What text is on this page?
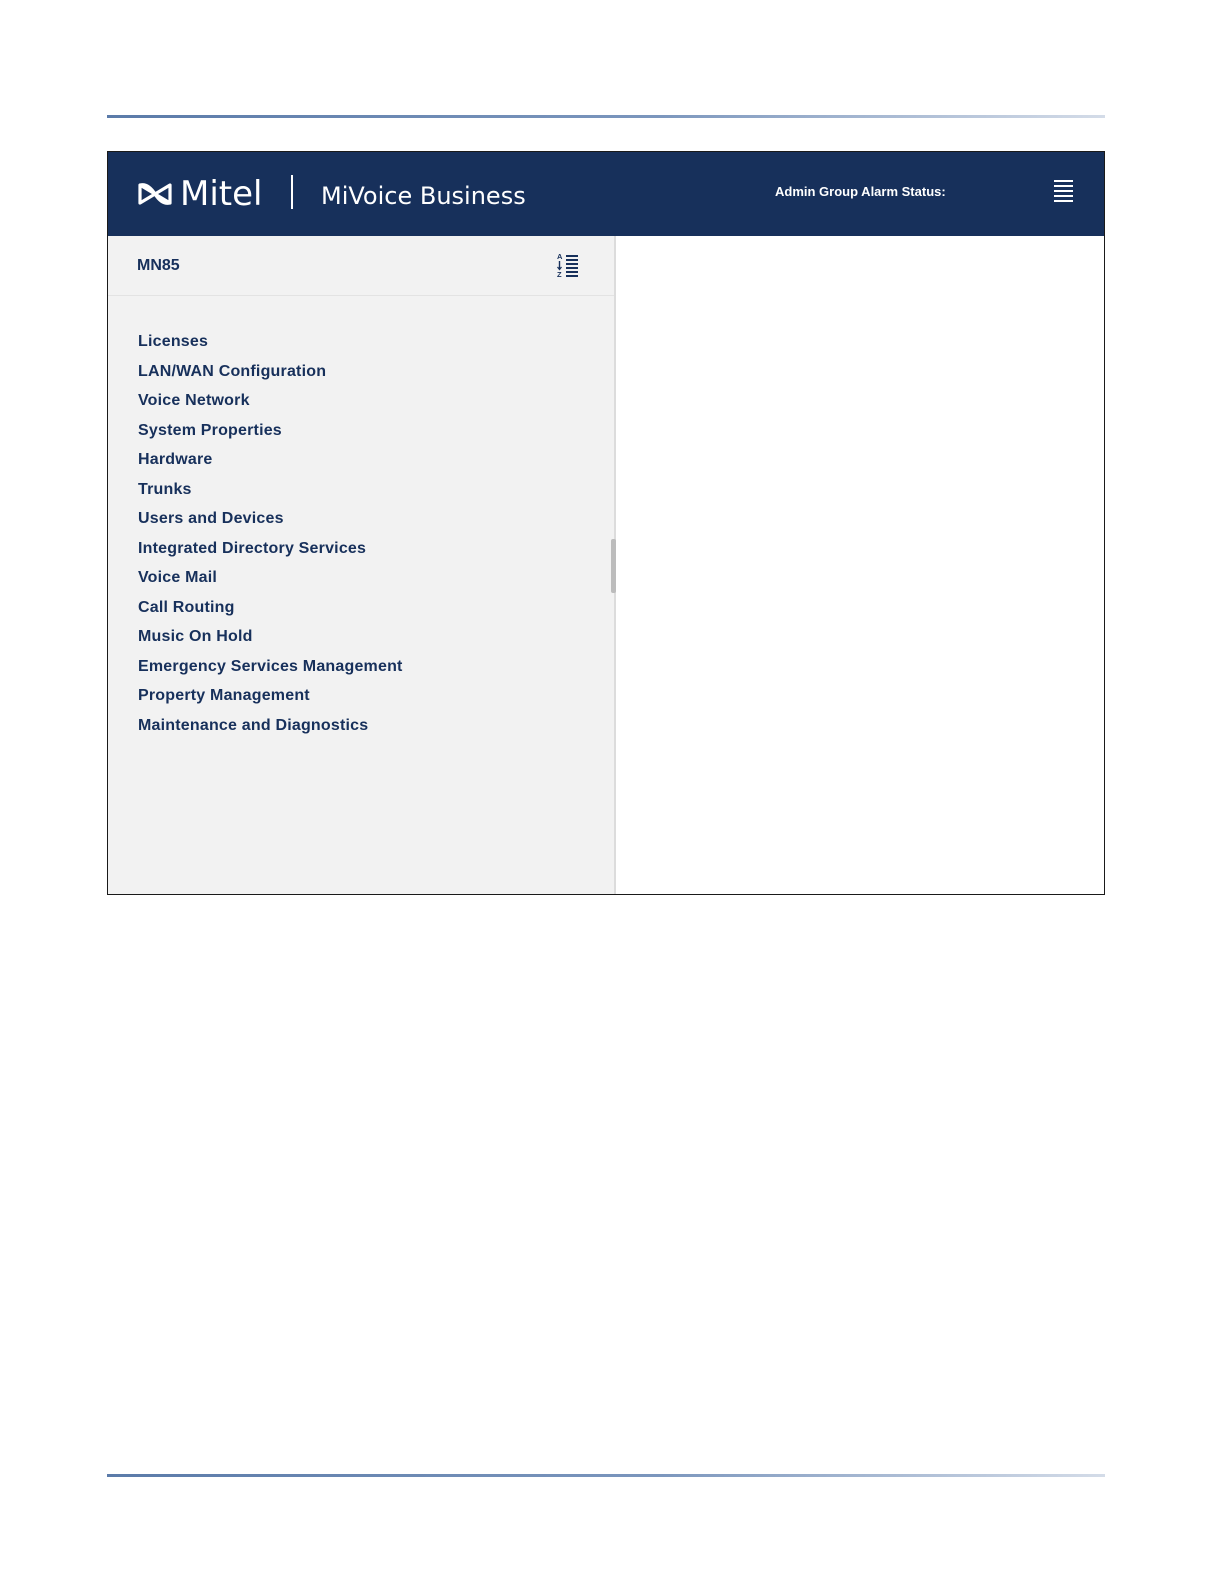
Mitel MiVoice Business	Admin Group Alarm Status:
MN85
A
Z
Licenses
LAN/WAN Configuration
Voice Network
System Properties
Hardware
Trunks
Users and Devices
Integrated Directory Services
Voice Mail
Call Routing
Music On Hold
Emergency Services Management
Property Management
Maintenance and Diagnostics
